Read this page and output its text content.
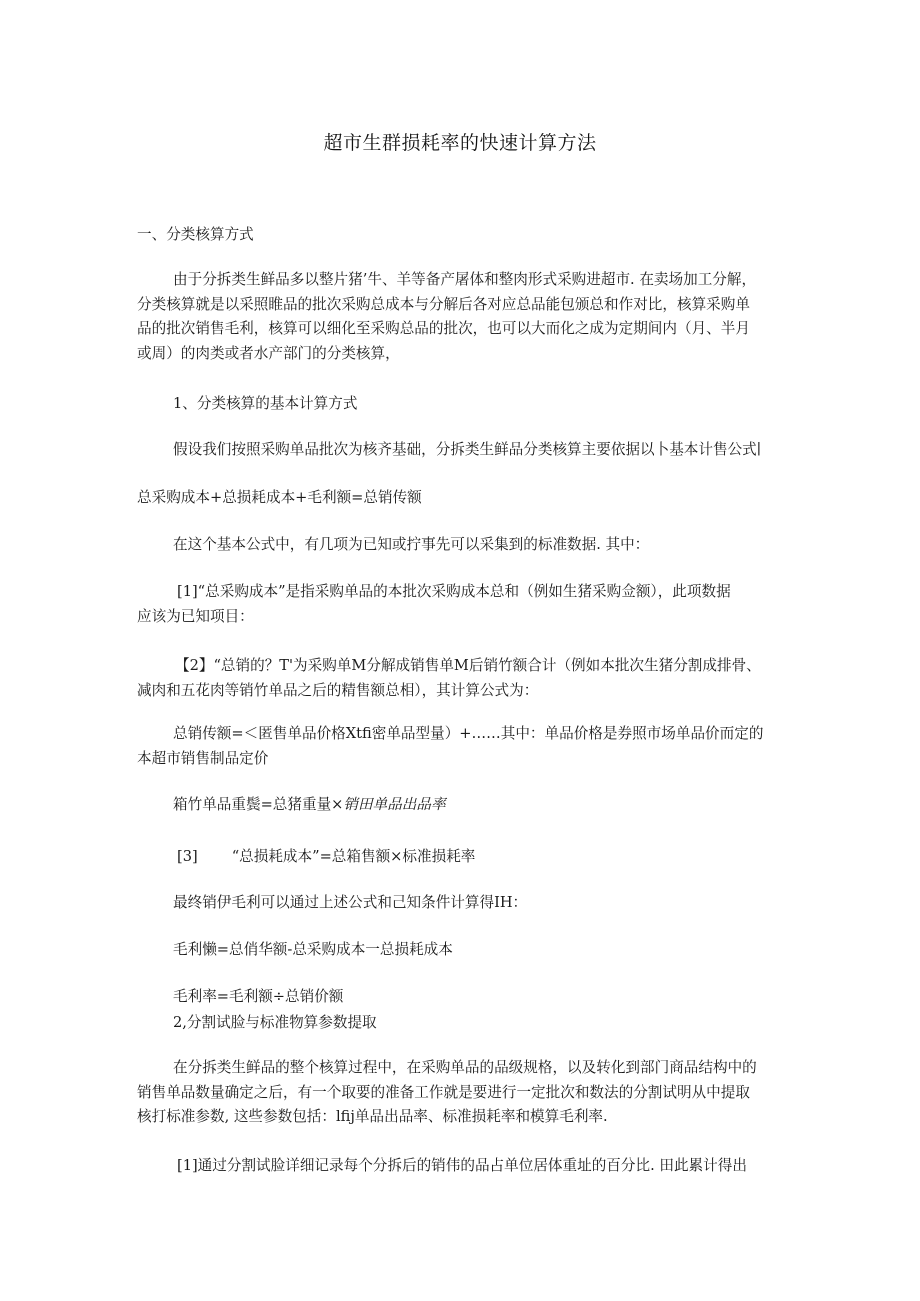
超市生群损耗率的快速计算方法
一、分类核算方式
由于分拆类生鲜品多以整片猪’牛、羊等备产屠体和整肉形式采购进超市. 在卖场加工分解，
分类核算就是以采照睢品的批次采购总成本与分解后各对应总品能包颁总和作对比，核算采购单
品的批次销售毛利，核算可以细化至采购总品的批次，也可以大而化之成为定期间内（月、半月
或周）的肉类或者水产部门的分类核算，
1、分类核算的基本计算方式
假设我们按照采购单品批次为核齐基础，分拆类生鲜品分类核算主要依据以卜基本计售公式∣
总采购成本+总损耗成本+毛利额=总销传额
在这个基本公式中，有几项为已知或拧事先可以采集到的标准数据. 其中：
[1]“总采购成本”是指采购单品的本批次采购成本总和（例如生猪采购佥额），此项数据
应该为已知项目：
【2】“总销的？T'为采购单M分解成销售单M后销竹额合计（例如本批次生猪分割成排骨、
减肉和五花肉等销竹单品之后的精售额总相），其计算公式为：
总销传额=＜匿售单品价格Xtfi密单品型量）+……其中：单品价格是券照市场单品价而定的
本超市销售制品定价
箱竹单品重鬓=总猪重量×销田单品出品率
[3] “总损耗成本”=总箱售额×标准损耗率
最终销伊毛利可以通过上述公式和己知条件计算得IH：
毛利懒=总俏华额-总采购成本一总损耗成本
毛利率=毛利额÷总销价额
2,分割试脸与标准物算参数提取
在分拆类生鲜品的整个核算过程中，在采购单品的品级规格，以及转化到部门商品结构中的
销售单品数量确定之后，有一个取要的准备工作就是要进行一定批次和数法的分割试明从中提取
核打标准参数, 这些参数包括：lfij单品出品率、标准损耗率和模算毛利率.
[1]通过分割试脸详细记录每个分拆后的销伟的品占单位居体重址的百分比. 田此累计得出
